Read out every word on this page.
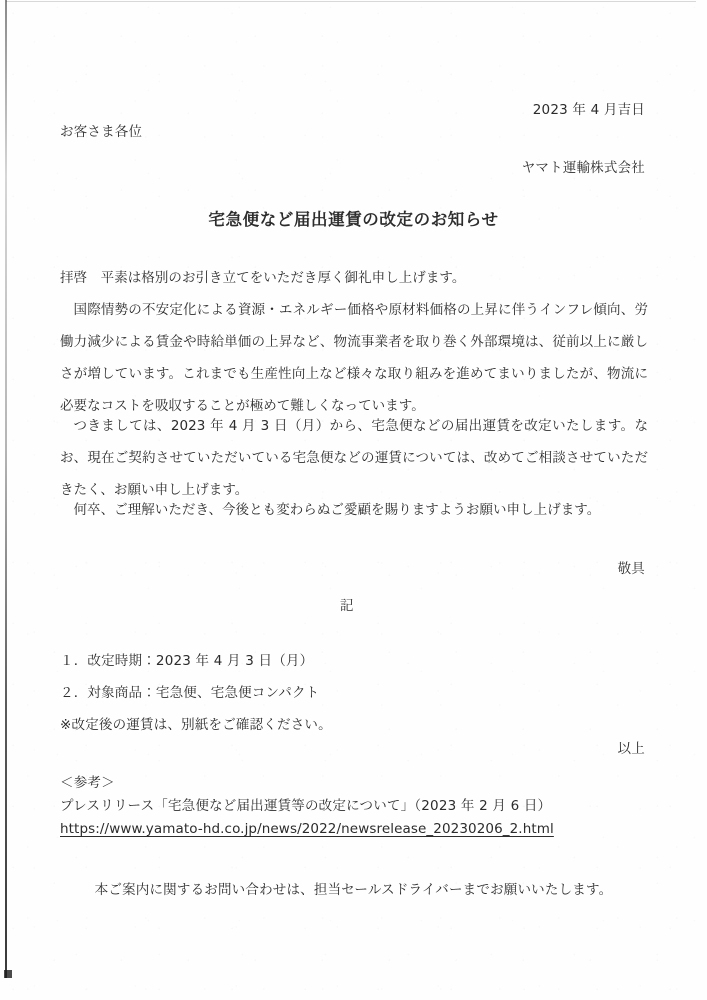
2023 年 4 月吉日
お客さま各位
ヤマト運輸株式会社
宅急便など届出運賃の改定のお知らせ
拝啓　平素は格別のお引き立てをいただき厚く御礼申し上げます。
国際情勢の不安定化による資源・エネルギー価格や原材料価格の上昇に伴うインフレ傾向、労働力減少による賃金や時給単価の上昇など、物流事業者を取り巻く外部環境は、従前以上に厳しさが増しています。これまでも生産性向上など様々な取り組みを進めてまいりましたが、物流に必要なコストを吸収することが極めて難しくなっています。
つきましては、2023 年 4 月 3 日（月）から、宅急便などの届出運賃を改定いたします。なお、現在ご契約させていただいている宅急便などの運賃については、改めてご相談させていただきたく、お願い申し上げます。
何卒、ご理解いただき、今後とも変わらぬご愛顧を賜りますようお願い申し上げます。
敬具
記
１．改定時期：2023 年 4 月 3 日（月）
２．対象商品：宅急便、宅急便コンパクト
※改定後の運賃は、別紙をご確認ください。
以上
＜参考＞
プレスリリース「宅急便など届出運賃等の改定について」（2023 年 2 月 6 日）
https://www.yamato-hd.co.jp/news/2022/newsrelease_20230206_2.html
本ご案内に関するお問い合わせは、担当セールスドライバーまでお願いいたします。
